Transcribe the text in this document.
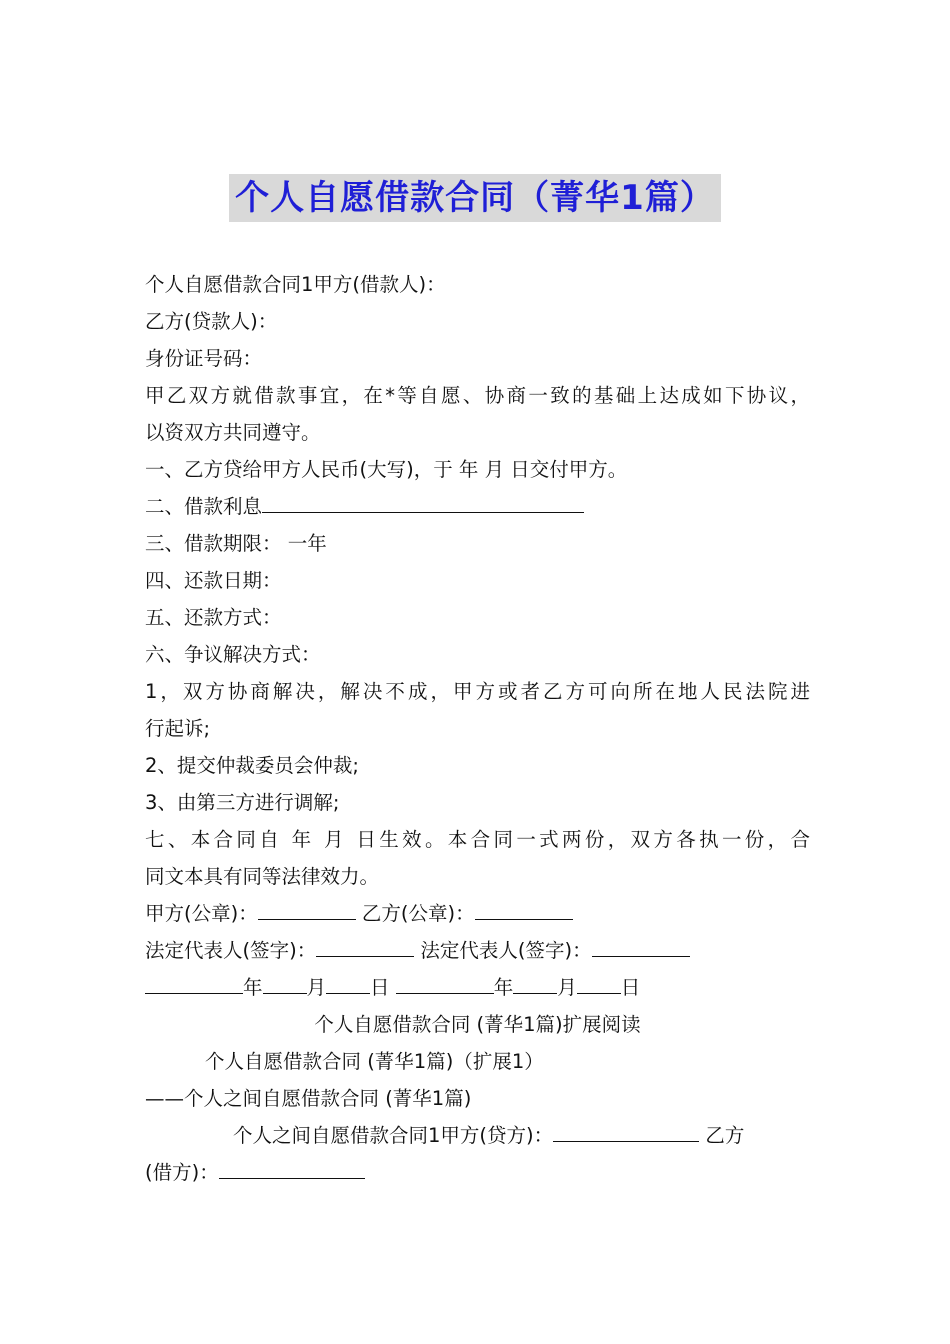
个人自愿借款合同（菁华1篇）
个人自愿借款合同1甲方(借款人)：
乙方(贷款人)：
身份证号码：
甲乙双方就借款事宜，在*等自愿、协商一致的基础上达成如下协议，
以资双方共同遵守。
一、乙方贷给甲方人民币(大写)，于 年 月 日交付甲方。
二、借款利息
三、借款期限： 一年
四、还款日期：
五、还款方式：
六、争议解决方式：
1，双方协商解决，解决不成，甲方或者乙方可向所在地人民法院进
行起诉;
2、提交仲裁委员会仲裁;
3、由第三方进行调解;
七、本合同自 年 月 日生效。本合同一式两份，双方各执一份，合
同文本具有同等法律效力。
甲方(公章)：	乙方(公章)：
法定代表人(签字)：	法定代表人(签字)：
年 月 日	年 月 日
个人自愿借款合同 (菁华1篇)扩展阅读
个人自愿借款合同 (菁华1篇)（扩展1）
——个人之间自愿借款合同 (菁华1篇)
个人之间自愿借款合同1甲方(贷方)：	乙方
(借方)：
